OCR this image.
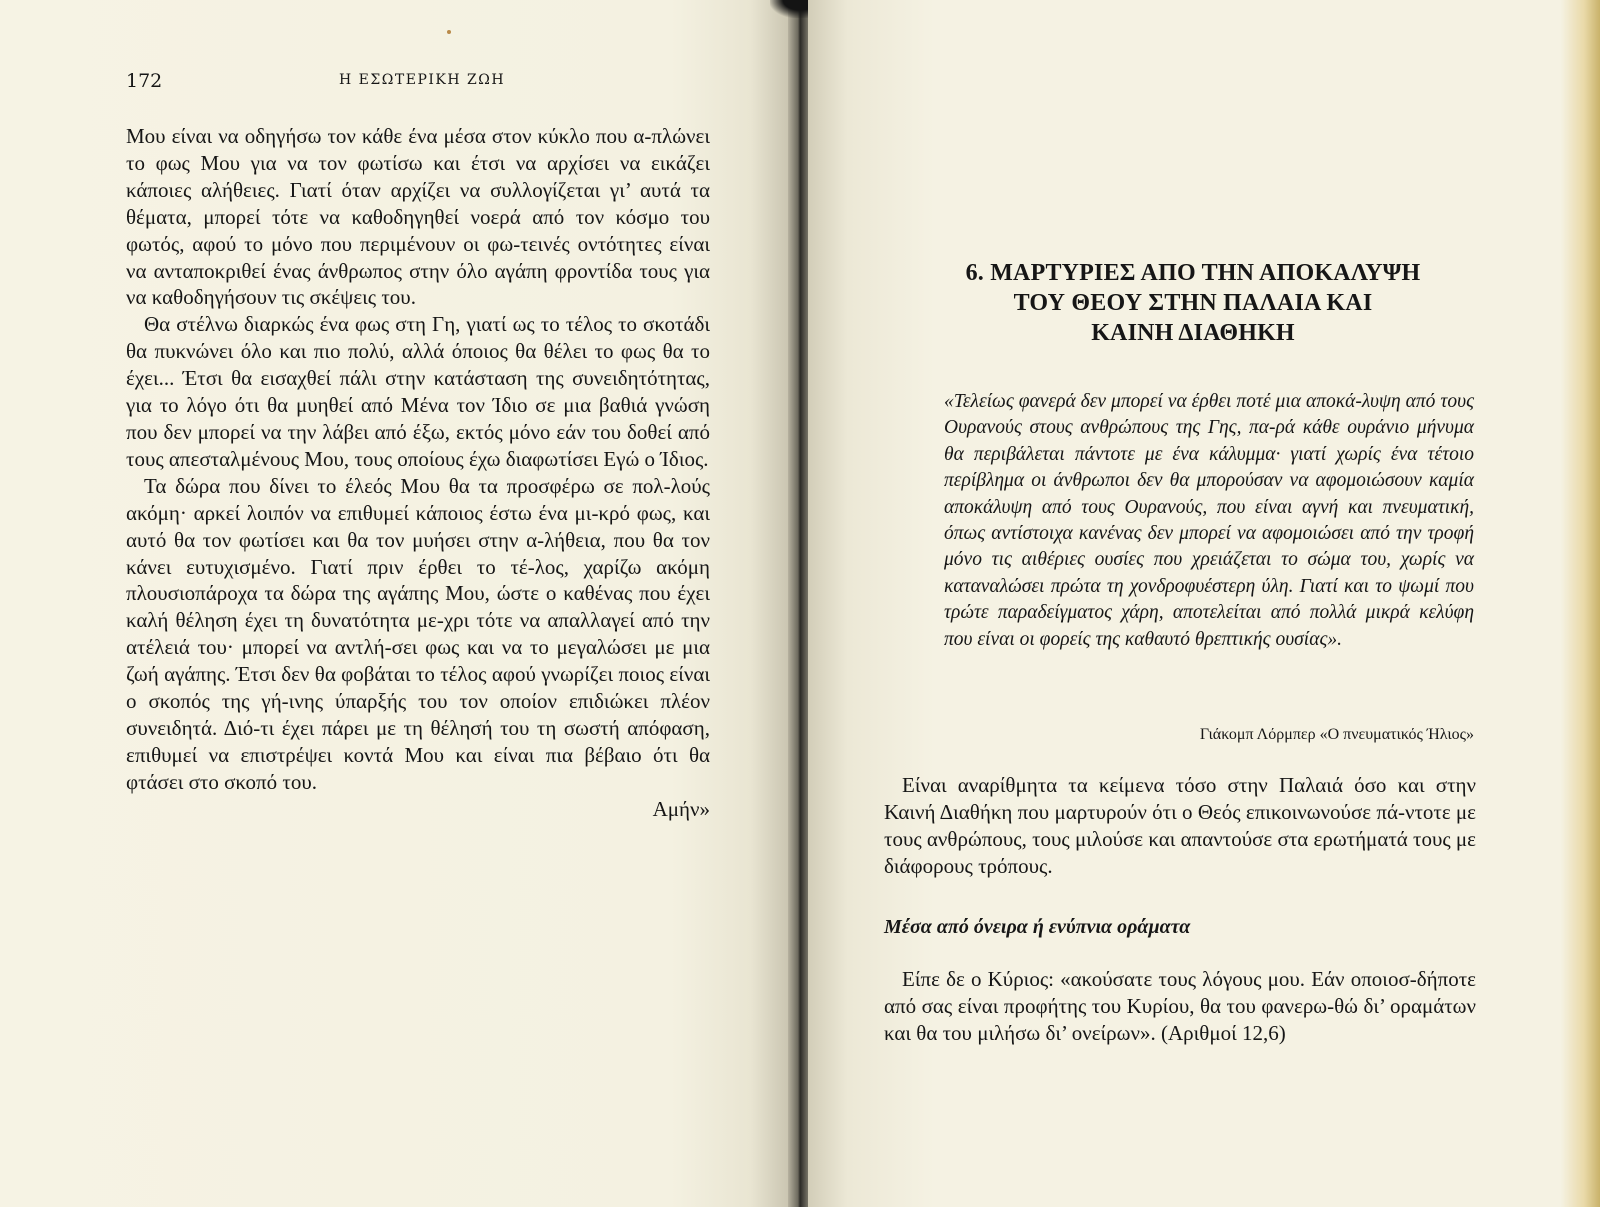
172	Η ΕΣΩΤΕΡΙΚΗ ΖΩΗ

Μου είναι να οδηγήσω τον κάθε ένα μέσα στον κύκλο που α-πλώνει το φως Μου για να τον φωτίσω και έτσι να αρχίσει να εικάζει κάποιες αλήθειες. Γιατί όταν αρχίζει να συλλογίζεται γι’ αυτά τα θέματα, μπορεί τότε να καθοδηγηθεί νοερά από τον κόσμο του φωτός, αφού το μόνο που περιμένουν οι φω-τεινές οντότητες είναι να ανταποκριθεί ένας άνθρωπος στην όλο αγάπη φροντίδα τους για να καθοδηγήσουν τις σκέψεις του.

Θα στέλνω διαρκώς ένα φως στη Γη, γιατί ως το τέλος το σκοτάδι θα πυκνώνει όλο και πιο πολύ, αλλά όποιος θα θέλει το φως θα το έχει... Έτσι θα εισαχθεί πάλι στην κατάσταση της συνειδητότητας, για το λόγο ότι θα μυηθεί από Μένα τον Ίδιο σε μια βαθιά γνώση που δεν μπορεί να την λάβει από έξω, εκτός μόνο εάν του δοθεί από τους απεσταλμένους Μου, τους οποίους έχω διαφωτίσει Εγώ ο Ίδιος.

Τα δώρα που δίνει το έλεός Μου θα τα προσφέρω σε πολ-λούς ακόμη· αρκεί λοιπόν να επιθυμεί κάποιος έστω ένα μι-κρό φως, και αυτό θα τον φωτίσει και θα τον μυήσει στην α-λήθεια, που θα τον κάνει ευτυχισμένο. Γιατί πριν έρθει το τέ-λος, χαρίζω ακόμη πλουσιοπάροχα τα δώρα της αγάπης Μου, ώστε ο καθένας που έχει καλή θέληση έχει τη δυνατότητα με-χρι τότε να απαλλαγεί από την ατέλειά του· μπορεί να αντλή-σει φως και να το μεγαλώσει με μια ζωή αγάπης. Έτσι δεν θα φοβάται το τέλος αφού γνωρίζει ποιος είναι ο σκοπός της γή-ινης ύπαρξής του τον οποίον επιδιώκει πλέον συνειδητά. Διό-τι έχει πάρει με τη θέλησή του τη σωστή απόφαση, επιθυμεί να επιστρέψει κοντά Μου και είναι πια βέβαιο ότι θα φτάσει στο σκοπό του.

Αμήν»

6. ΜΑΡΤΥΡΙΕΣ ΑΠΟ ΤΗΝ ΑΠΟΚΑΛΥΨΗ
ΤΟΥ ΘΕΟΥ ΣΤΗΝ ΠΑΛΑΙΑ ΚΑΙ
ΚΑΙΝΗ ΔΙΑΘΗΚΗ
«Τελείως φανερά δεν μπορεί να έρθει ποτέ μια αποκά-λυψη από τους Ουρανούς στους ανθρώπους της Γης, πα-ρά κάθε ουράνιο μήνυμα θα περιβάλεται πάντοτε με ένα κάλυμμα· γιατί χωρίς ένα τέτοιο περίβλημα οι άνθρωποι δεν θα μπορούσαν να αφομοιώσουν καμία αποκάλυψη από τους Ουρανούς, που είναι αγνή και πνευματική, όπως αντίστοιχα κανένας δεν μπορεί να αφομοιώσει από την τροφή μόνο τις αιθέριες ουσίες που χρειάζεται το σώμα του, χωρίς να καταναλώσει πρώτα τη χονδροφυέστερη ύλη. Γιατί και το ψωμί που τρώτε παραδείγματος χάρη, αποτελείται από πολλά μικρά κελύφη που είναι οι φορείς της καθαυτό θρεπτικής ουσίας».
Γιάκομπ Λόρμπερ «Ο πνευματικός Ήλιος»

Είναι αναρίθμητα τα κείμενα τόσο στην Παλαιά όσο και στην Καινή Διαθήκη που μαρτυρούν ότι ο Θεός επικοινωνούσε πά-ντοτε με τους ανθρώπους, τους μιλούσε και απαντούσε στα ερωτήματά τους με διάφορους τρόπους.

Μέσα από όνειρα ή ενύπνια οράματα

Είπε δε ο Κύριος: «ακούσατε τους λόγους μου. Εάν οποιοσ-δήποτε από σας είναι προφήτης του Κυρίου, θα του φανερω-θώ δι’ οραμάτων και θα του μιλήσω δι’ ονείρων». (Αριθμοί 12,6)
